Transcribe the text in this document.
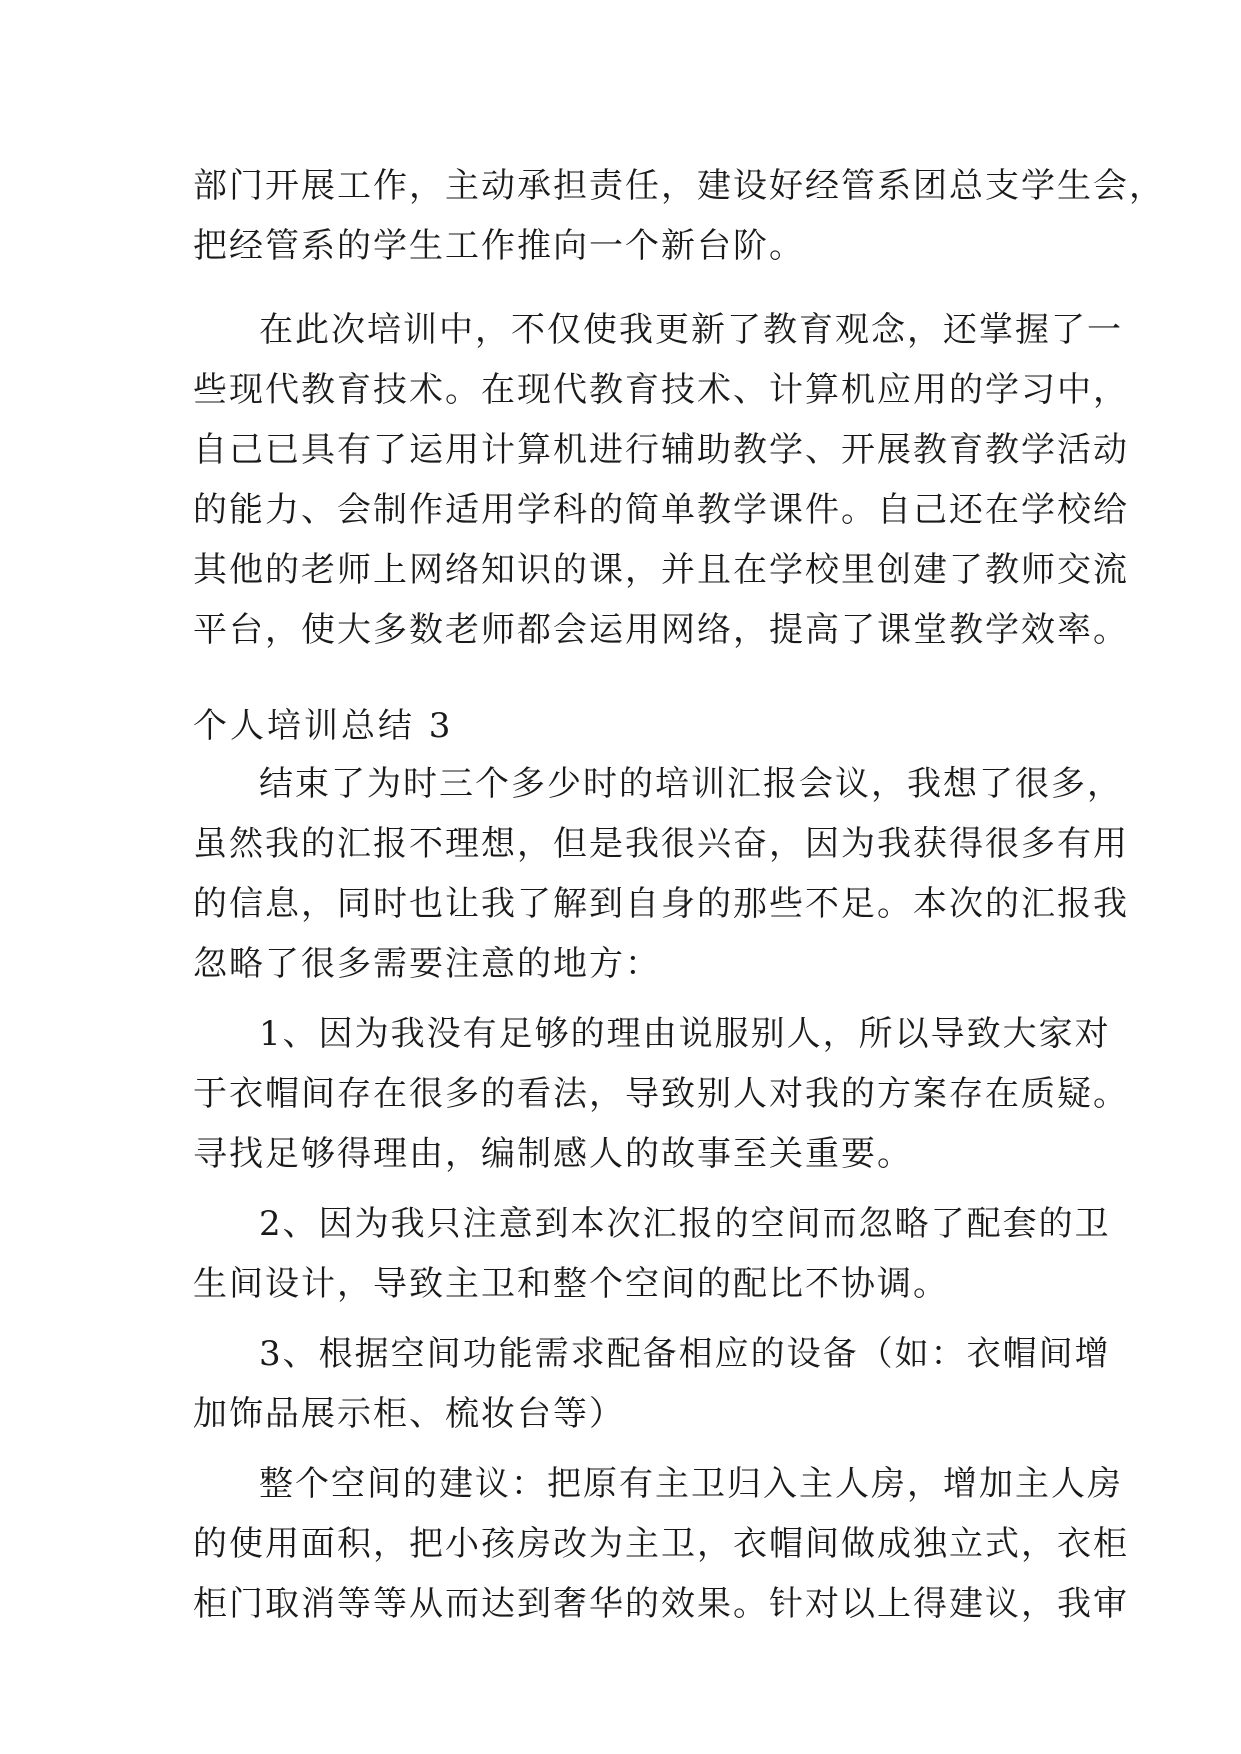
部门开展工作，主动承担责任，建设好经管系团总支学生会，
把经管系的学生工作推向一个新台阶。
在此次培训中，不仅使我更新了教育观念，还掌握了一
些现代教育技术。在现代教育技术、计算机应用的学习中，
自己已具有了运用计算机进行辅助教学、开展教育教学活动
的能力、会制作适用学科的简单教学课件。自己还在学校给
其他的老师上网络知识的课，并且在学校里创建了教师交流
平台，使大多数老师都会运用网络，提高了课堂教学效率。
个人培训总结 3
结束了为时三个多少时的培训汇报会议，我想了很多，
虽然我的汇报不理想，但是我很兴奋，因为我获得很多有用
的信息，同时也让我了解到自身的那些不足。本次的汇报我
忽略了很多需要注意的地方：
1、因为我没有足够的理由说服别人，所以导致大家对
于衣帽间存在很多的看法，导致别人对我的方案存在质疑。
寻找足够得理由，编制感人的故事至关重要。
2、因为我只注意到本次汇报的空间而忽略了配套的卫
生间设计，导致主卫和整个空间的配比不协调。
3、根据空间功能需求配备相应的设备（如：衣帽间增
加饰品展示柜、梳妆台等）
整个空间的建议：把原有主卫归入主人房，增加主人房
的使用面积，把小孩房改为主卫，衣帽间做成独立式，衣柜
柜门取消等等从而达到奢华的效果。针对以上得建议，我审
